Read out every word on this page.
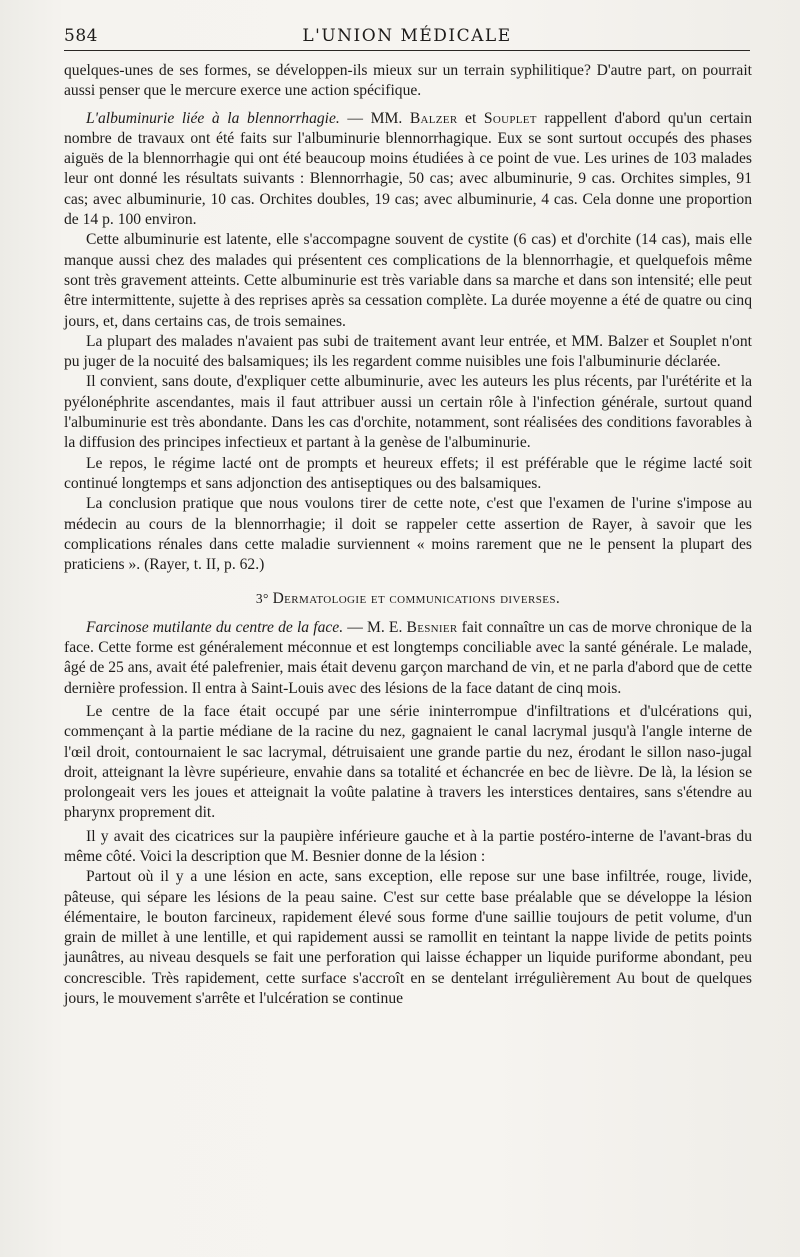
584	L'UNION MÉDICALE

quelques-unes de ses formes, se développen-ils mieux sur un terrain syphilitique? D'autre part, on pourrait aussi penser que le mercure exerce une action spécifique.

L'albuminurie liée à la blennorrhagie. — MM. Balzer et Souplet rappellent d'abord qu'un certain nombre de travaux ont été faits sur l'albuminurie blennorrhagique. Eux se sont surtout occupés des phases aiguës de la blennorrhagie qui ont été beaucoup moins étudiées à ce point de vue. Les urines de 103 malades leur ont donné les résultats suivants : Blennorrhagie, 50 cas; avec albuminurie, 9 cas. Orchites simples, 91 cas; avec albuminurie, 10 cas. Orchites doubles, 19 cas; avec albuminurie, 4 cas. Cela donne une proportion de 14 p. 100 environ.

Cette albuminurie est latente, elle s'accompagne souvent de cystite (6 cas) et d'orchite (14 cas), mais elle manque aussi chez des malades qui présentent ces complications de la blennorrhagie, et quelquefois même sont très gravement atteints. Cette albuminurie est très variable dans sa marche et dans son intensité; elle peut être intermittente, sujette à des reprises après sa cessation complète. La durée moyenne a été de quatre ou cinq jours, et, dans certains cas, de trois semaines.

La plupart des malades n'avaient pas subi de traitement avant leur entrée, et MM. Balzer et Souplet n'ont pu juger de la nocuité des balsamiques; ils les regardent comme nuisibles une fois l'albuminurie déclarée.

Il convient, sans doute, d'expliquer cette albuminurie, avec les auteurs les plus récents, par l'urétérite et la pyélonéphrite ascendantes, mais il faut attribuer aussi un certain rôle à l'infection générale, surtout quand l'albuminurie est très abondante. Dans les cas d'orchite, notamment, sont réalisées des conditions favorables à la diffusion des principes infectieux et partant à la genèse de l'albuminurie.

Le repos, le régime lacté ont de prompts et heureux effets; il est préférable que le régime lacté soit continué longtemps et sans adjonction des antiseptiques ou des balsamiques.

La conclusion pratique que nous voulons tirer de cette note, c'est que l'examen de l'urine s'impose au médecin au cours de la blennorrhagie; il doit se rappeler cette assertion de Rayer, à savoir que les complications rénales dans cette maladie surviennent « moins rarement que ne le pensent la plupart des praticiens ». (Rayer, t. II, p. 62.)

3° Dermatologie et communications diverses.

Farcinose mutilante du centre de la face. — M. E. Besnier fait connaître un cas de morve chronique de la face. Cette forme est généralement méconnue et est longtemps conciliable avec la santé générale. Le malade, âgé de 25 ans, avait été palefrenier, mais était devenu garçon marchand de vin, et ne parla d'abord que de cette dernière profession. Il entra à Saint-Louis avec des lésions de la face datant de cinq mois.

Le centre de la face était occupé par une série ininterrompue d'infiltrations et d'ulcérations qui, commençant à la partie médiane de la racine du nez, gagnaient le canal lacrymal jusqu'à l'angle interne de l'œil droit, contournaient le sac lacrymal, détruisaient une grande partie du nez, érodant le sillon naso-jugal droit, atteignant la lèvre supérieure, envahie dans sa totalité et échancrée en bec de lièvre. De là, la lésion se prolongeait vers les joues et atteignait la voûte palatine à travers les interstices dentaires, sans s'étendre au pharynx proprement dit.

Il y avait des cicatrices sur la paupière inférieure gauche et à la partie postéro-interne de l'avant-bras du même côté. Voici la description que M. Besnier donne de la lésion :

Partout où il y a une lésion en acte, sans exception, elle repose sur une base infiltrée, rouge, livide, pâteuse, qui sépare les lésions de la peau saine. C'est sur cette base préalable que se développe la lésion élémentaire, le bouton farcineux, rapidement élevé sous forme d'une saillie toujours de petit volume, d'un grain de millet à une lentille, et qui rapidement aussi se ramollit en teintant la nappe livide de petits points jaunâtres, au niveau desquels se fait une perforation qui laisse échapper un liquide puriforme abondant, peu concrescible. Très rapidement, cette surface s'accroît en se dentelant irrégulièrement Au bout de quelques jours, le mouvement s'arrête et l'ulcération se continue
